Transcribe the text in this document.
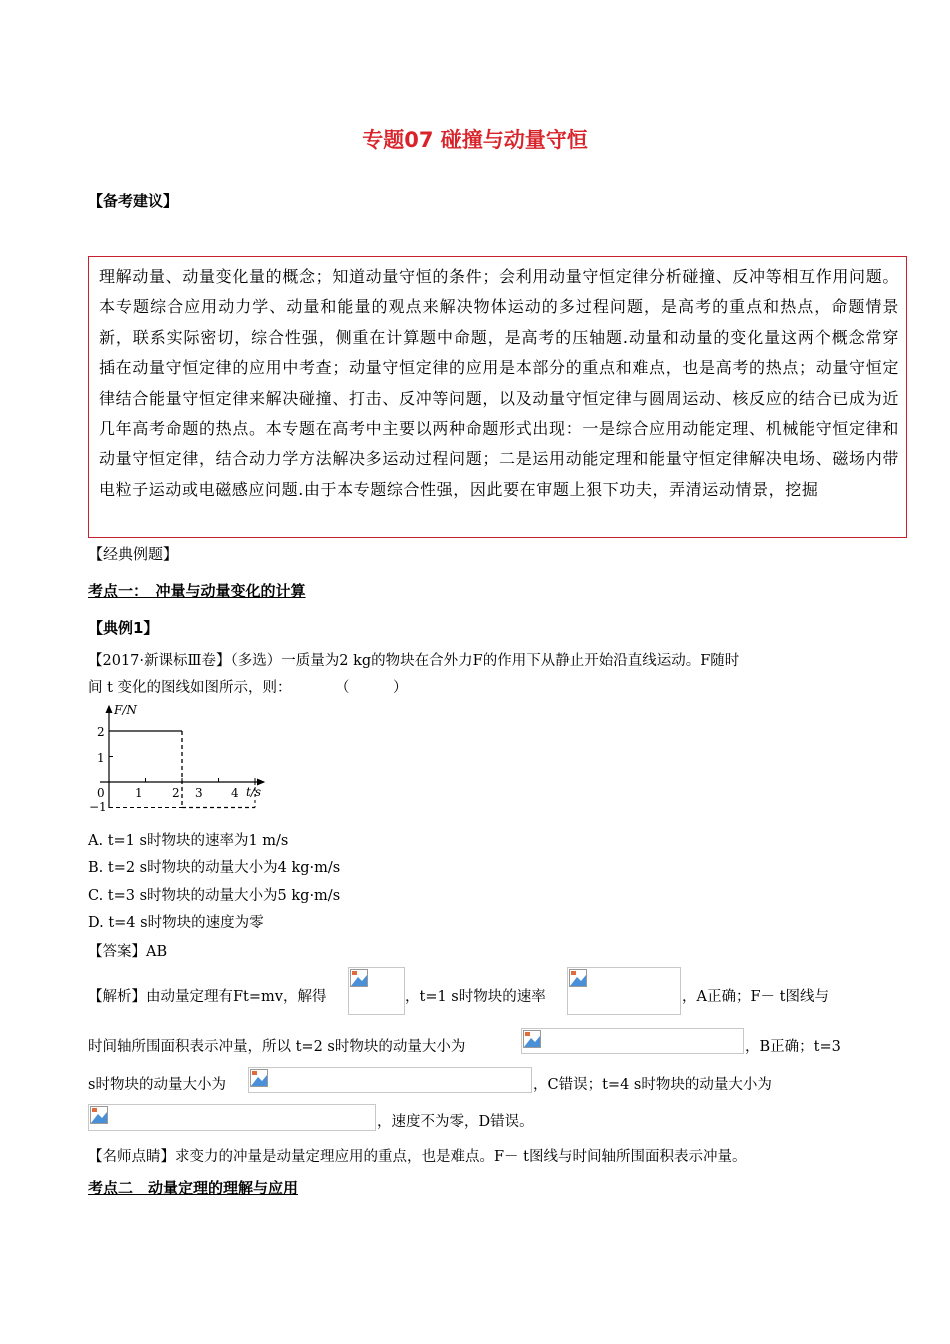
专题07 碰撞与动量守恒
【备考建议】
理解动量、动量变化量的概念；知道动量守恒的条件；会利用动量守恒定律分析碰撞、反冲等相互作用问题。本专题综合应用动力学、动量和能量的观点来解决物体运动的多过程问题，是高考的重点和热点，命题情景新，联系实际密切，综合性强，侧重在计算题中命题，是高考的压轴题.动量和动量的变化量这两个概念常穿插在动量守恒定律的应用中考查；动量守恒定律的应用是本部分的重点和难点，也是高考的热点；动量守恒定律结合能量守恒定律来解决碰撞、打击、反冲等问题，以及动量守恒定律与圆周运动、核反应的结合已成为近几年高考命题的热点。本专题在高考中主要以两种命题形式出现：一是综合应用动能定理、机械能守恒定律和动量守恒定律，结合动力学方法解决多运动过程问题；二是运用动能定理和能量守恒定律解决电场、磁场内带电粒子运动或电磁感应问题.由于本专题综合性强，因此要在审题上狠下功夫，弄清运动情景，挖掘
【经典例题】
考点一：　冲量与动量变化的计算
【典例1】
【2017·新课标Ⅲ卷】（多选）一质量为2 kg的物块在合外力F的作用下从静止开始沿直线运动。F随时
间 t 变化的图线如图所示，则：　　　　（　　　）
F/N
t/s
0
2
1
−1
1 2 3 4
A. t=1 s时物块的速率为1 m/s
B. t=2 s时物块的动量大小为4 kg·m/s
C. t=3 s时物块的动量大小为5 kg·m/s
D. t=4 s时物块的速度为零
【答案】AB
【解析】由动量定理有Ft=mv，解得	，t=1 s时物块的速率	，A正确；F－ t图线与
时间轴所围面积表示冲量，所以 t=2 s时物块的动量大小为	，B正确；t=3
s时物块的动量大小为	，C错误；t=4 s时物块的动量大小为
，速度不为零，D错误。
【名师点睛】求变力的冲量是动量定理应用的重点，也是难点。F－ t图线与时间轴所围面积表示冲量。
考点二　动量定理的理解与应用
